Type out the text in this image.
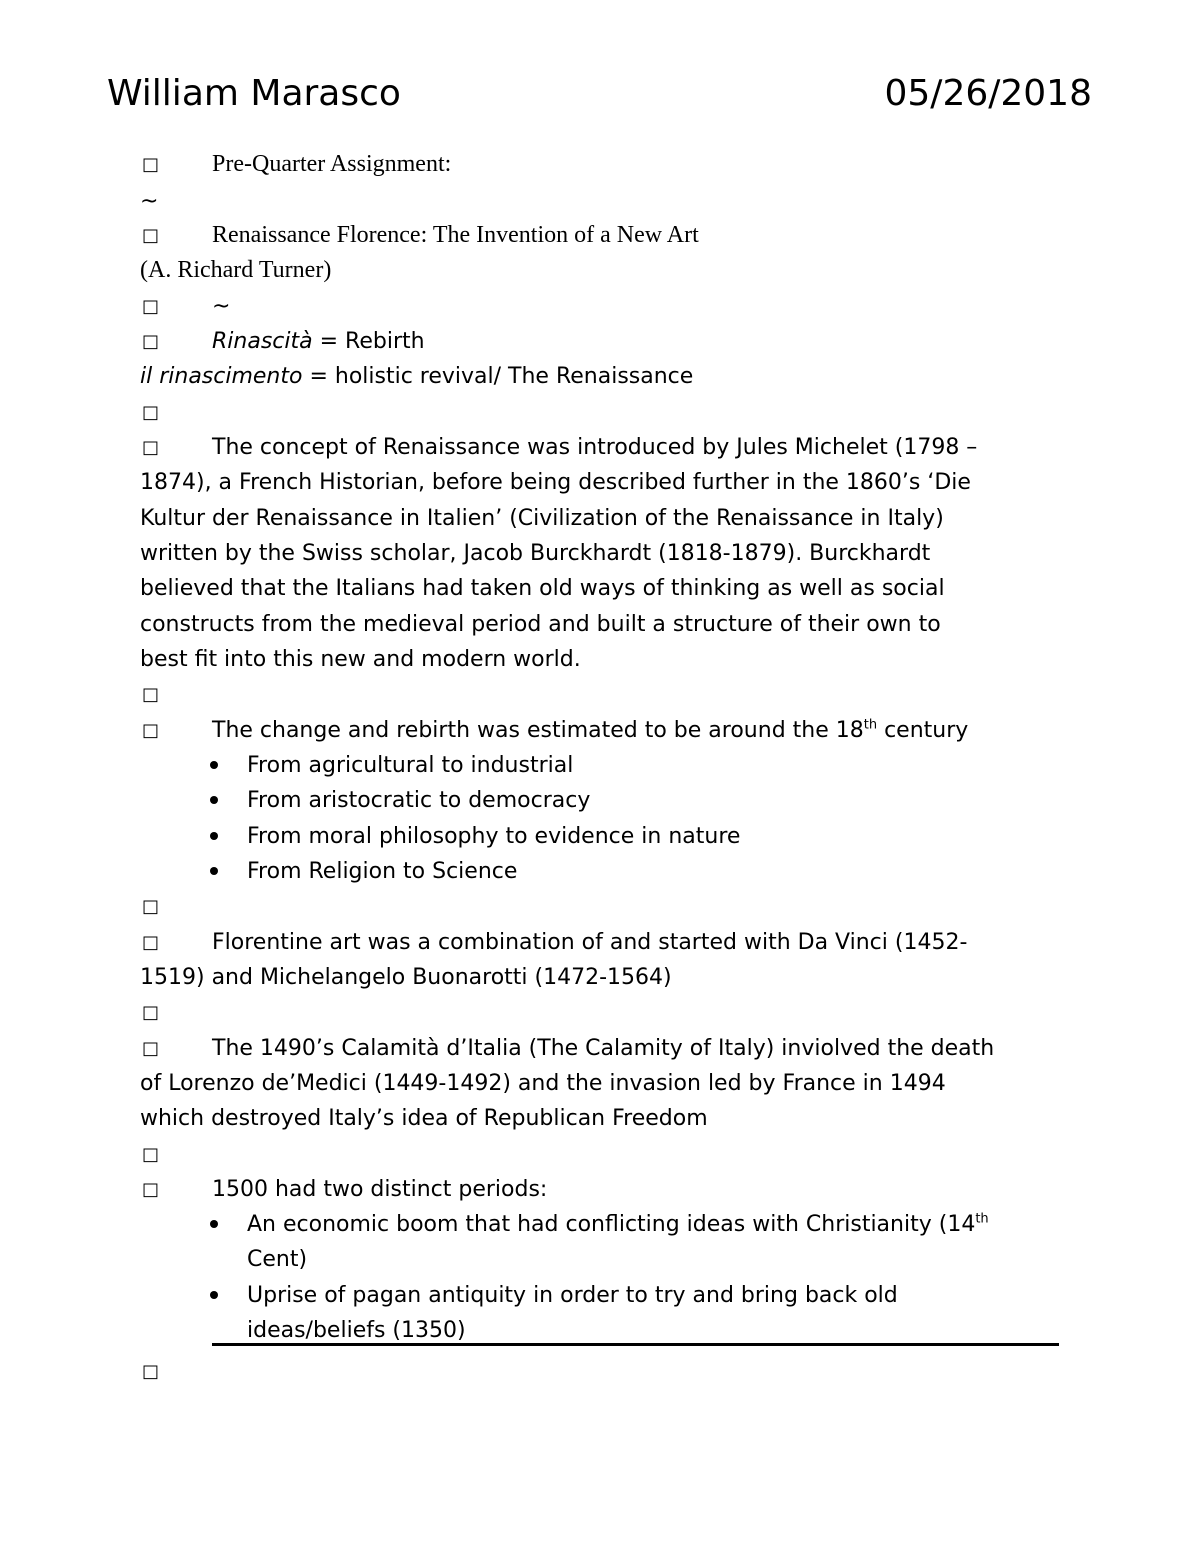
William Marasco	05/26/2018
□ Pre-Quarter Assignment:
~
□ Renaissance Florence: The Invention of a New Art
(A. Richard Turner)
□ ~
□ Rinascità = Rebirth
il rinascimento = holistic revival/ The Renaissance
□
□ The concept of Renaissance was introduced by Jules Michelet (1798 –
1874), a French Historian, before being described further in the 1860’s ‘Die
Kultur der Renaissance in Italien’ (Civilization of the Renaissance in Italy)
written by the Swiss scholar, Jacob Burckhardt (1818-1879). Burckhardt
believed that the Italians had taken old ways of thinking as well as social
constructs from the medieval period and built a structure of their own to
best fit into this new and modern world.
□
□ The change and rebirth was estimated to be around the 18th century
From agricultural to industrial
From aristocratic to democracy
From moral philosophy to evidence in nature
From Religion to Science
□
□ Florentine art was a combination of and started with Da Vinci (1452-
1519) and Michelangelo Buonarotti (1472-1564)
□
□ The 1490’s Calamità d’Italia (The Calamity of Italy) inviolved the death
of Lorenzo de’Medici (1449-1492) and the invasion led by France in 1494
which destroyed Italy’s idea of Republican Freedom
□
□ 1500 had two distinct periods:
An economic boom that had conflicting ideas with Christianity (14th
Cent)
Uprise of pagan antiquity in order to try and bring back old
ideas/beliefs (1350)
□
